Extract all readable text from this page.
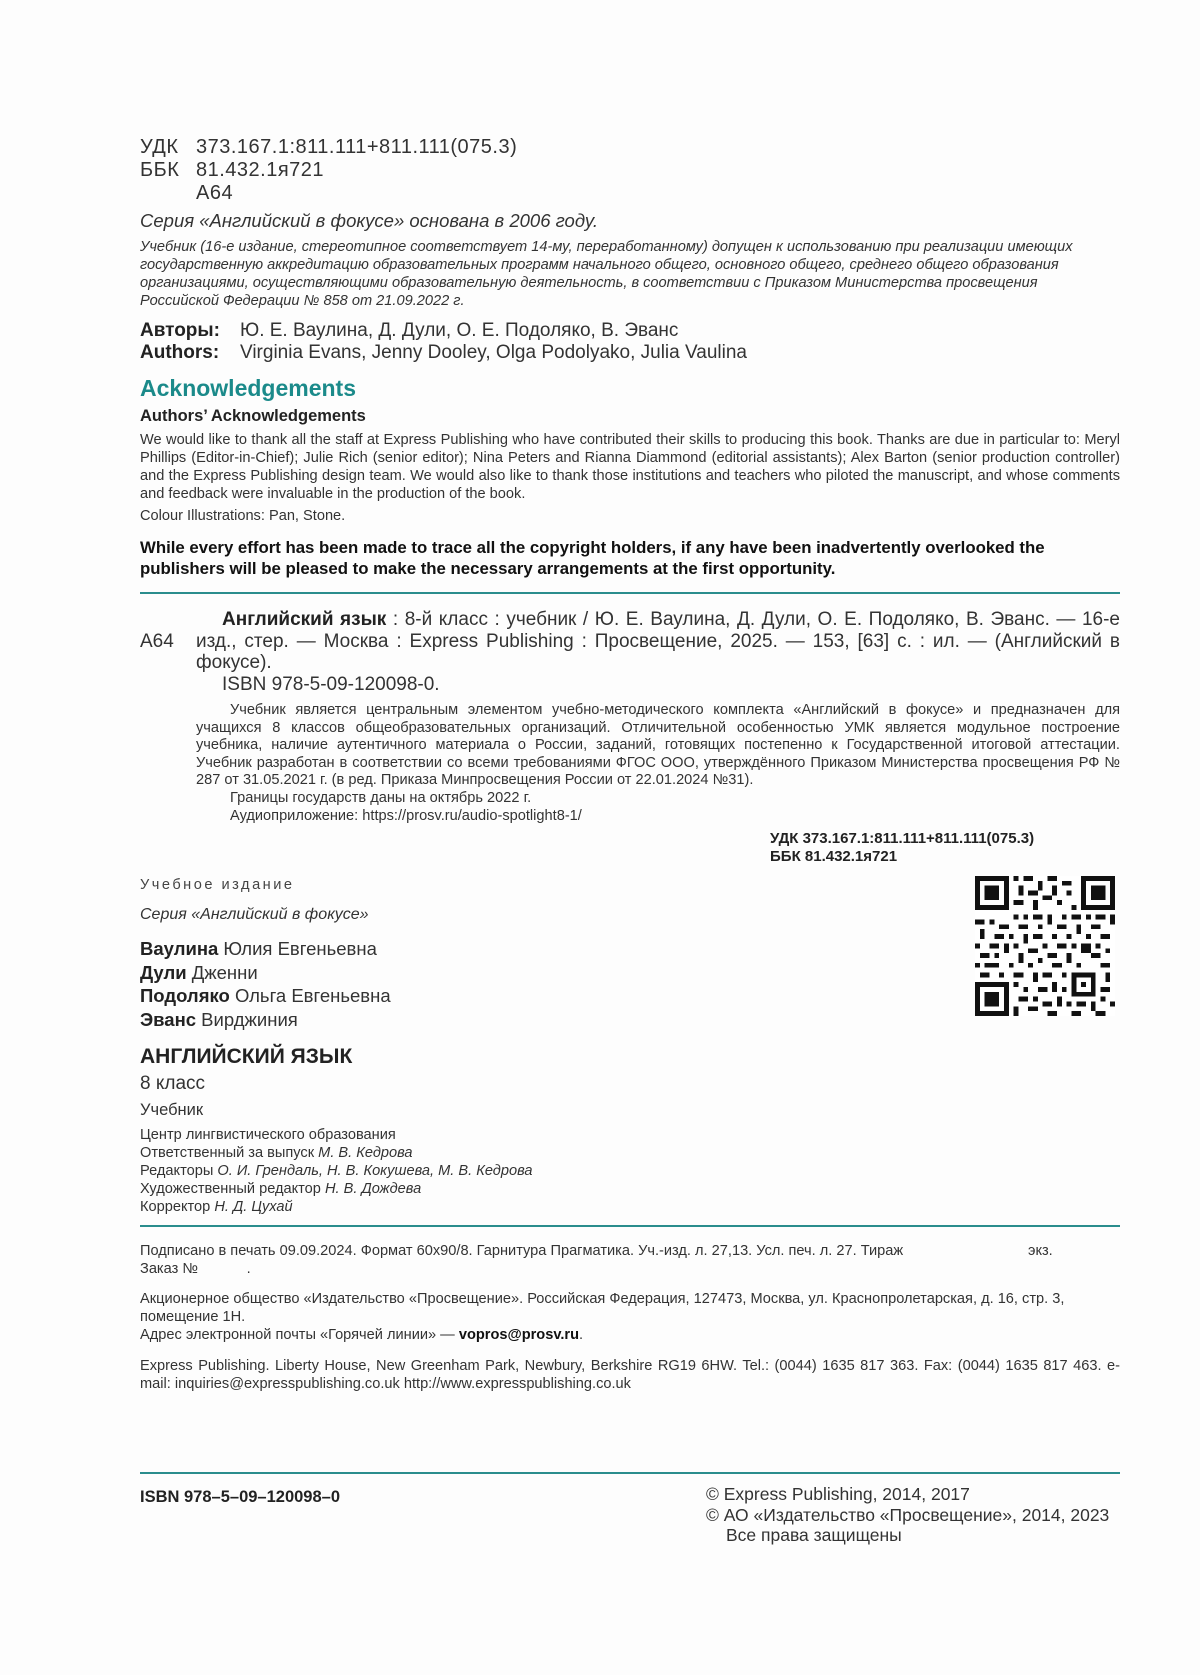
УДК 373.167.1:811.111+811.111(075.3)
ББК 81.432.1я721
А64
Серия «Английский в фокусе» основана в 2006 году.
Учебник (16-е издание, стереотипное соответствует 14-му, переработанному) допущен к использованию при реализации имеющих государственную аккредитацию образовательных программ начального общего, основного общего, среднего общего образования организациями, осуществляющими образовательную деятельность, в соответствии с Приказом Министерства просвещения Российской Федерации № 858 от 21.09.2022 г.
Авторы:	Ю. Е. Ваулина, Д. Дули, О. Е. Подоляко, В. Эванс
Authors:	Virginia Evans, Jenny Dooley, Olga Podolyako, Julia Vaulina
Acknowledgements
Authors’ Acknowledgements
We would like to thank all the staff at Express Publishing who have contributed their skills to producing this book. Thanks are due in particular to: Meryl Phillips (Editor-in-Chief); Julie Rich (senior editor); Nina Peters and Rianna Diammond (editorial assistants); Alex Barton (senior production controller) and the Express Publishing design team. We would also like to thank those institutions and teachers who piloted the manuscript, and whose comments and feedback were invaluable in the production of the book.
Colour Illustrations: Pan, Stone.
While every effort has been made to trace all the copyright holders, if any have been inadvertently overlooked the publishers will be pleased to make the necessary arrangements at the first opportunity.
А64
Английский язык : 8-й класс : учебник / Ю. Е. Ваулина, Д. Дули, О. Е. Подоляко, В. Эванс. — 16-е изд., стер. — Москва : Express Publishing : Просвещение, 2025. — 153, [63] с. : ил. — (Английский в фокусе).
ISBN 978-5-09-120098-0.
Учебник является центральным элементом учебно-методического комплекта «Английский в фокусе» и предназначен для учащихся 8 классов общеобразовательных организаций. Отличительной особенностью УМК является модульное построение учебника, наличие аутентичного материала о России, заданий, готовящих постепенно к Государственной итоговой аттестации. Учебник разработан в соответствии со всеми требованиями ФГОС ООО, утверждённого Приказом Министерства просвещения РФ № 287 от 31.05.2021 г. (в ред. Приказа Минпросвещения России от 22.01.2024 №31).
Границы государств даны на октябрь 2022 г.
Аудиоприложение: https://prosv.ru/audio-spotlight8-1/
УДК 373.167.1:811.111+811.111(075.3)
ББК 81.432.1я721
Учебное издание
Серия «Английский в фокусе»
Ваулина Юлия Евгеньевна
Дули Дженни
Подоляко Ольга Евгеньевна
Эванс Вирджиния
АНГЛИЙСКИЙ ЯЗЫК
8 класс
Учебник
Центр лингвистического образования
Ответственный за выпуск М. В. Кедрова
Редакторы О. И. Грендаль, Н. В. Кокушева, М. В. Кедрова
Художественный редактор Н. В. Дождева
Корректор Н. Д. Цухай
Подписано в печать 09.09.2024. Формат 60x90/8. Гарнитура Прагматика. Уч.-изд. л. 27,13. Усл. печ. л. 27. Тираж	экз.
Заказ №            .
Акционерное общество «Издательство «Просвещение». Российская Федерация, 127473, Москва, ул. Краснопролетарская, д. 16, стр. 3, помещение 1Н.
Адрес электронной почты «Горячей линии» — vopros@prosv.ru.
Express Publishing. Liberty House, New Greenham Park, Newbury, Berkshire RG19 6HW. Tel.: (0044) 1635 817 363. Fax: (0044) 1635 817 463. e-mail: inquiries@expresspublishing.co.uk http://www.expresspublishing.co.uk
ISBN 978–5–09–120098–0	© Express Publishing, 2014, 2017
© АО «Издательство «Просвещение», 2014, 2023
Все права защищены
